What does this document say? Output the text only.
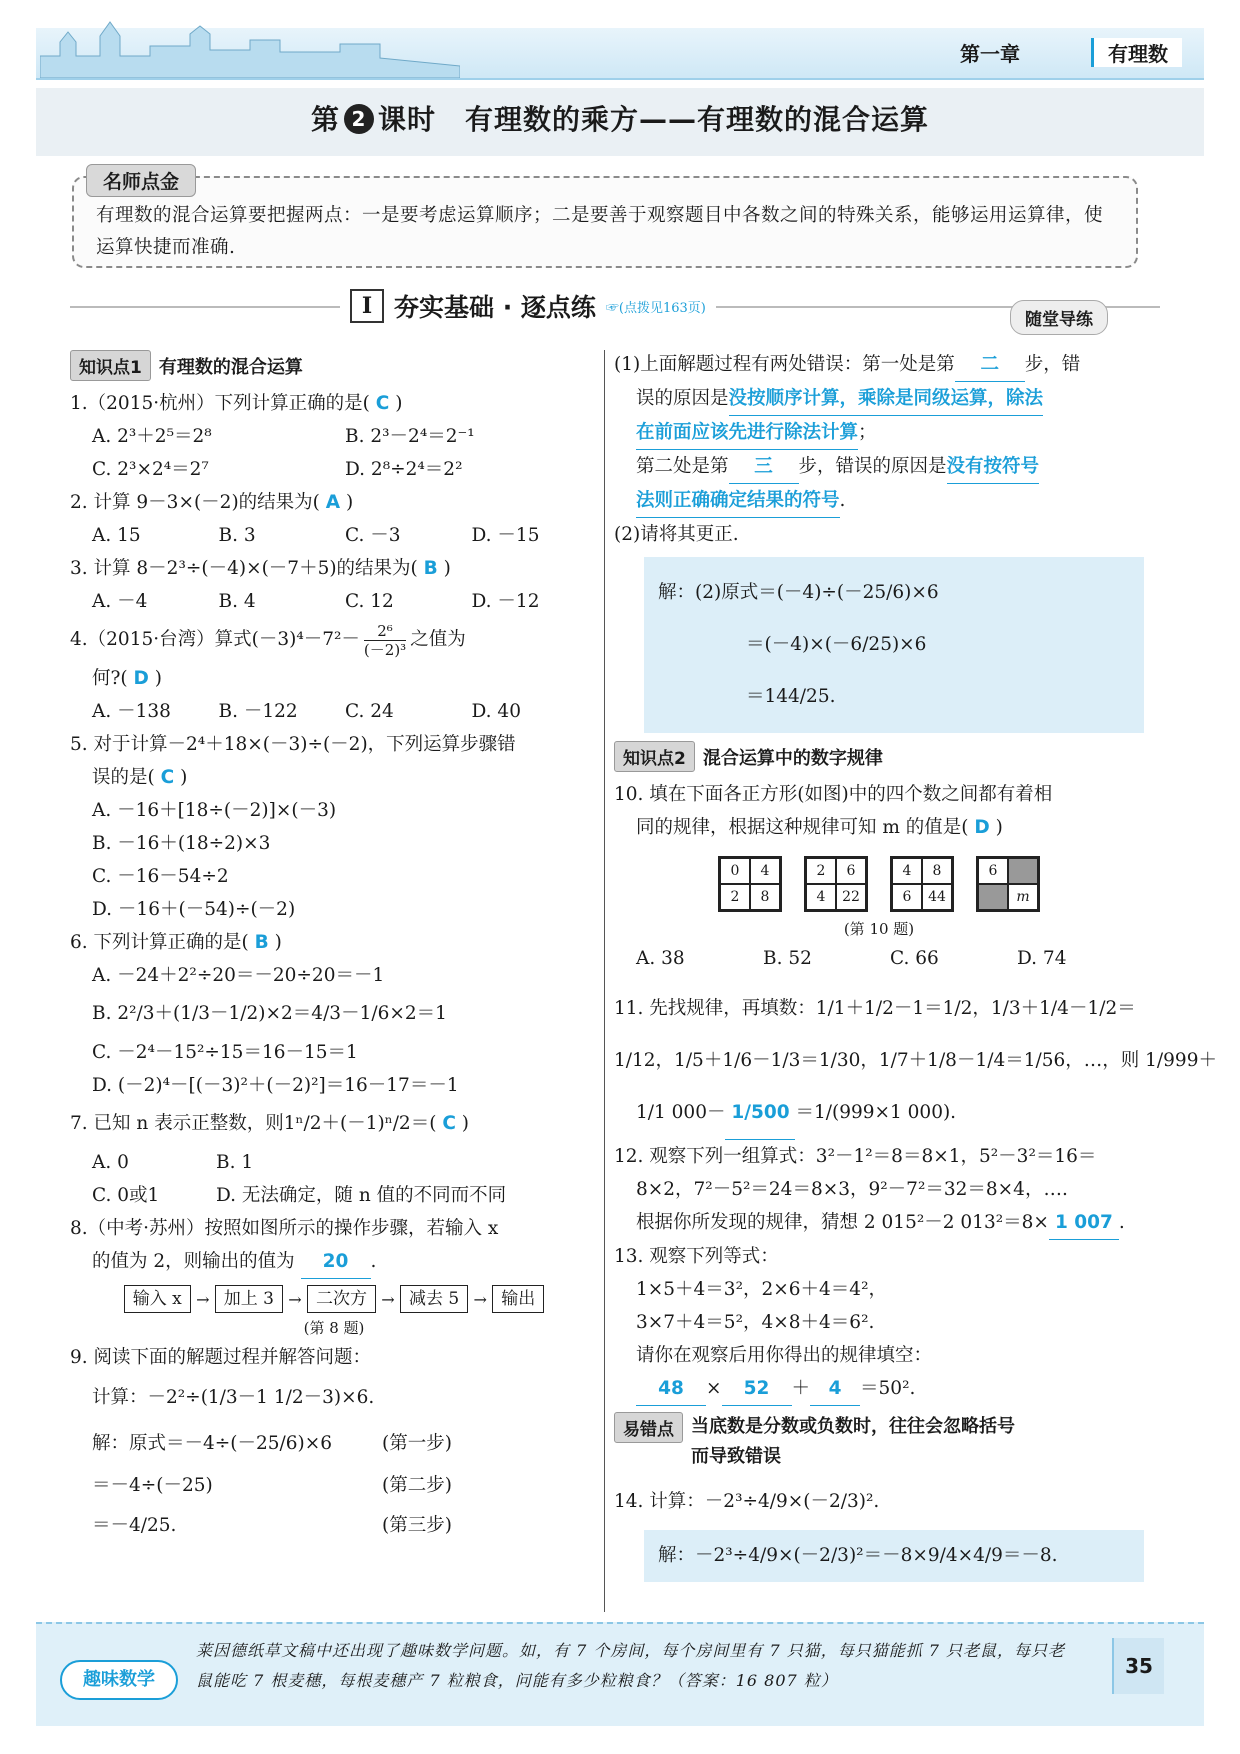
第一章	有理数
第 2 课时　有理数的乘方——有理数的混合运算
名师点金
有理数的混合运算要把握两点：一是要考虑运算顺序；二是要善于观察题目中各数之间的特殊关系，能够运用运算律，使运算快捷而准确.
I 夯实基础 · 逐点练 ☞(点拨见163页)
随堂导练
知识点1 有理数的混合运算
1.（2015·杭州）下列计算正确的是( C )
A. 2³＋2⁵＝2⁸	B. 2³－2⁴＝2⁻¹
C. 2³×2⁴＝2⁷	D. 2⁸÷2⁴＝2²
2. 计算 9－3×(－2)的结果为( A )
A. 15	B. 3	C. －3	D. －15
3. 计算 8－2³÷(－4)×(－7＋5)的结果为( B )
A. －4	B. 4	C. 12	D. －12
4.（2015·台湾）算式$(-3)^4-7^2- \frac{\text{2⁶}}{\text{(－2)³}}$ 之值为
何?( D )
A. －138	B. －122	C. 24	D. 40
5. 对于计算－2⁴＋18×(－3)÷(－2)，下列运算步骤错
误的是( C )
A. －16＋[18÷(－2)]×(－3)
B. －16＋(18÷2)×3
C. －16－54÷2
D. －16＋(－54)÷(－2)
6. 下列计算正确的是( B )
A. －24＋2²÷20＝－20÷20＝－1
B. 2²/3＋(1/3－1/2)×2＝4/3－1/6×2＝1
C. －2⁴－15²÷15＝16－15＝1
D. (－2)⁴－[(－3)²＋(－2)²]＝16－17＝－1
7. 已知 n 表示正整数，则1ⁿ/2＋(－1)ⁿ/2＝( C )
A. 0	B. 1
C. 0或1	D. 无法确定，随 n 值的不同而不同
8.（中考·苏州）按照如图所示的操作步骤，若输入 x
的值为 2，则输出的值为 20 .
输入 x → 加上 3 → 二次方 → 减去 5 → 输出
(第 8 题)
9. 阅读下面的解题过程并解答问题：
计算：－2²÷(1/3－1 1/2－3)×6.
解：原式＝－4÷(－25/6)×6	(第一步)
＝－4÷(－25)	(第二步)
＝－4/25.	(第三步)
(1)上面解题过程有两处错误：第一处是第 二 步，错
误的原因是没按顺序计算，乘除是同级运算，除法
在前面应该先进行除法计算；
第二处是第 三 步，错误的原因是没有按符号
法则正确确定结果的符号.
(2)请将其更正.
解：(2)原式＝(－4)÷(－25/6)×6
＝(－4)×(－6/25)×6
＝144/25.
知识点2 混合运算中的数字规律
10. 填在下面各正方形(如图)中的四个数之间都有着相
同的规律，根据这种规律可知 m 的值是( D )
0	4
2	8
2	6
4	22
4	8
6	44
6
m
(第 10 题)
A. 38	B. 52	C. 66	D. 74
11. 先找规律，再填数：1/1＋1/2－1＝1/2，1/3＋1/4－1/2＝
1/12，1/5＋1/6－1/3＝1/30，1/7＋1/8－1/4＝1/56，…，则 1/999＋
1/1 000－ 1/500 ＝1/(999×1 000).
12. 观察下列一组算式：3²－1²＝8＝8×1，5²－3²＝16＝
8×2，7²－5²＝24＝8×3，9²－7²＝32＝8×4，….
根据你所发现的规律，猜想 2 015²－2 013²＝8× 1 007 .
13. 观察下列等式：
1×5＋4＝3²，2×6＋4＝4²，
3×7＋4＝5²，4×8＋4＝6².
请你在观察后用你得出的规律填空：
48 × 52 ＋ 4 ＝50².
易错点 当底数是分数或负数时，往往会忽略括号
而导致错误
14. 计算：－2³÷4/9×(－2/3)².
解：－2³÷4/9×(－2/3)²＝－8×9/4×4/9＝－8.
趣味数学
莱因德纸草文稿中还出现了趣味数学问题。如，有 7 个房间，每个房间里有 7 只猫，每只猫能抓 7 只老鼠，每只老鼠能吃 7 根麦穗，每根麦穗产 7 粒粮食，问能有多少粒粮食？（答案：16 807 粒）
35
